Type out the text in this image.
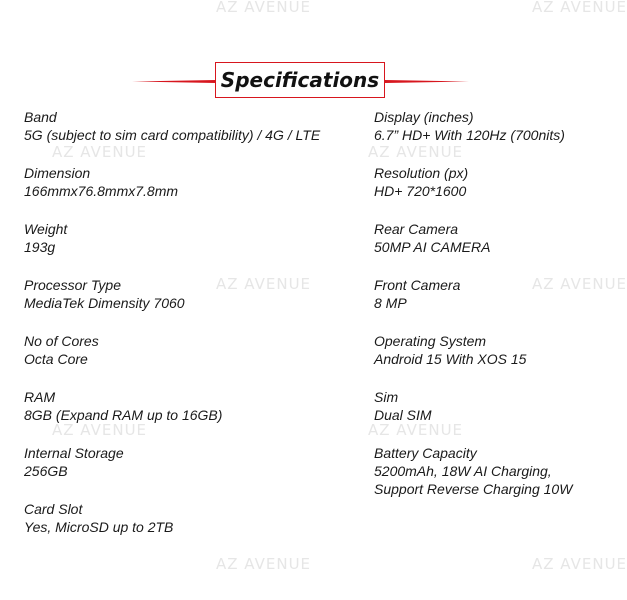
AZ AVENUE	AZ AVENUE
AZ AVENUE	AZ AVENUE
AZ AVENUE	AZ AVENUE
AZ AVENUE	AZ AVENUE
AZ AVENUE	AZ AVENUE
Specifications
Band
5G (subject to sim card compatibility) / 4G / LTE
Dimension
166mmx76.8mmx7.8mm
Weight
193g
Processor Type
MediaTek Dimensity 7060
No of Cores
Octa Core
RAM
8GB (Expand RAM up to 16GB)
Internal Storage
256GB
Card Slot
Yes, MicroSD up to 2TB
Display (inches)
6.7” HD+ With 120Hz (700nits)
Resolution (px)
HD+ 720*1600
Rear Camera
50MP AI CAMERA
Front Camera
8 MP
Operating System
Android 15 With XOS 15
Sim
Dual SIM
Battery Capacity
5200mAh, 18W AI Charging,
Support Reverse Charging 10W
